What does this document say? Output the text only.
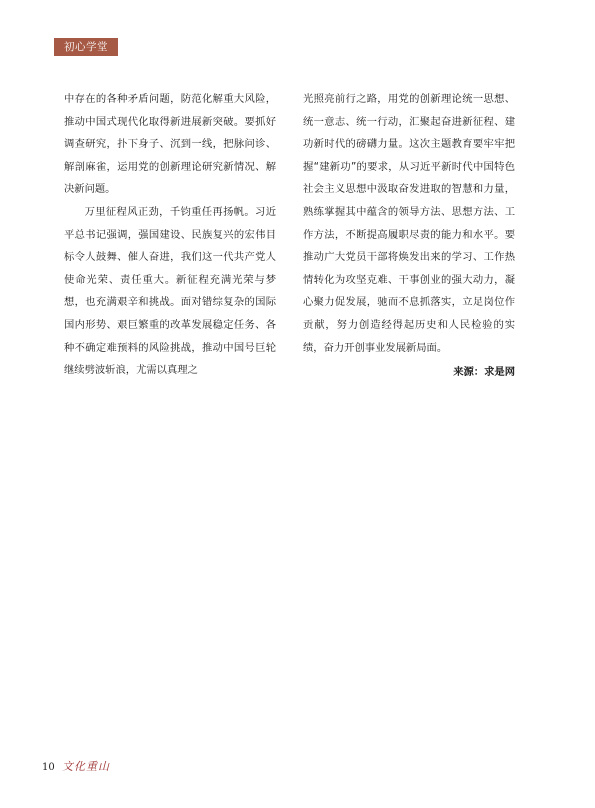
初心学堂

中存在的各种矛盾问题，防范化解重大风险，推动中国式现代化取得新进展新突破。要抓好调查研究，扑下身子、沉到一线，把脉问诊、解剖麻雀，运用党的创新理论研究新情况、解决新问题。

万里征程风正劲，千钧重任再扬帆。习近平总书记强调，强国建设、民族复兴的宏伟目标令人鼓舞、催人奋进，我们这一代共产党人使命光荣、责任重大。新征程充满光荣与梦想，也充满艰辛和挑战。面对错综复杂的国际国内形势、艰巨繁重的改革发展稳定任务、各种不确定难预料的风险挑战，推动中国号巨轮继续劈波斩浪，尤需以真理之

光照亮前行之路，用党的创新理论统一思想、统一意志、统一行动，汇聚起奋进新征程、建功新时代的磅礴力量。这次主题教育要牢牢把握“建新功”的要求，从习近平新时代中国特色社会主义思想中汲取奋发进取的智慧和力量，熟练掌握其中蕴含的领导方法、思想方法、工作方法，不断提高履职尽责的能力和水平。要推动广大党员干部将焕发出来的学习、工作热情转化为攻坚克难、干事创业的强大动力，凝心聚力促发展，驰而不息抓落实，立足岗位作贡献，努力创造经得起历史和人民检验的实绩，奋力开创事业发展新局面。

来源：求是网

10 文化重山
